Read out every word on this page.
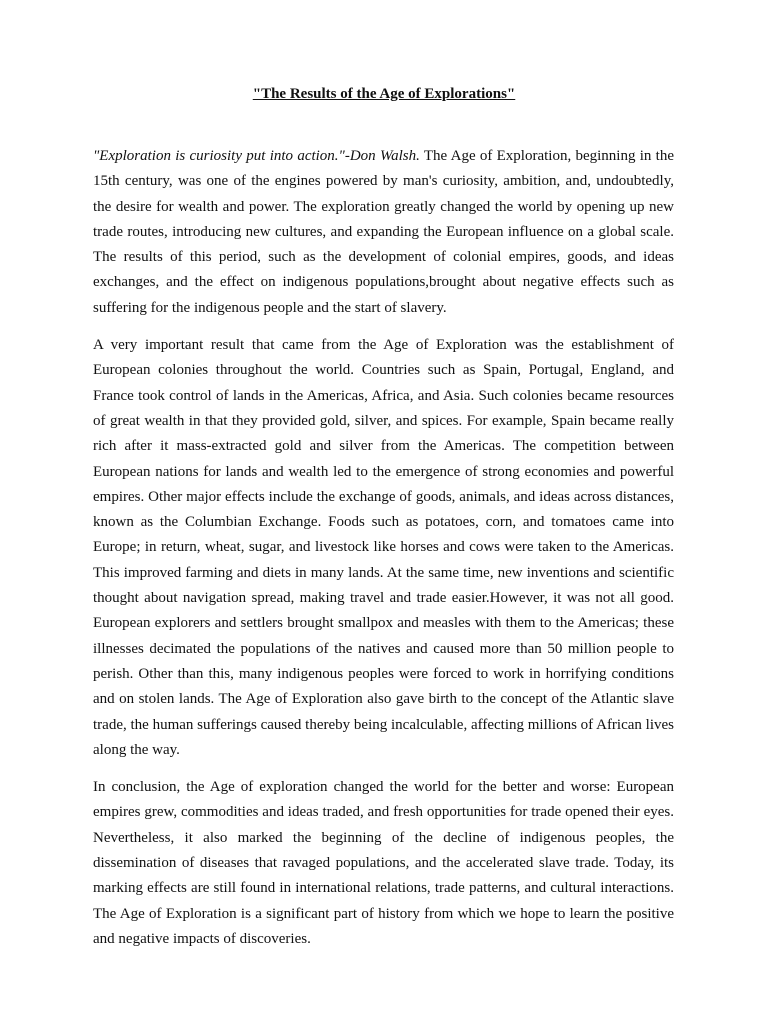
"The Results of the Age of Explorations"

"Exploration is curiosity put into action."-Don Walsh. The Age of Exploration, beginning in the 15th century, was one of the engines powered by man's curiosity, ambition, and, undoubtedly, the desire for wealth and power. The exploration greatly changed the world by opening up new trade routes, introducing new cultures, and expanding the European influence on a global scale. The results of this period, such as the development of colonial empires, goods, and ideas exchanges, and the effect on indigenous populations,brought about negative effects such as suffering for the indigenous people and the start of slavery.

A very important result that came from the Age of Exploration was the establishment of European colonies throughout the world. Countries such as Spain, Portugal, England, and France took control of lands in the Americas, Africa, and Asia. Such colonies became resources of great wealth in that they provided gold, silver, and spices. For example, Spain became really rich after it mass-extracted gold and silver from the Americas. The competition between European nations for lands and wealth led to the emergence of strong economies and powerful empires. Other major effects include the exchange of goods, animals, and ideas across distances, known as the Columbian Exchange. Foods such as potatoes, corn, and tomatoes came into Europe; in return, wheat, sugar, and livestock like horses and cows were taken to the Americas. This improved farming and diets in many lands. At the same time, new inventions and scientific thought about navigation spread, making travel and trade easier.However, it was not all good. European explorers and settlers brought smallpox and measles with them to the Americas; these illnesses decimated the populations of the natives and caused more than 50 million people to perish. Other than this, many indigenous peoples were forced to work in horrifying conditions and on stolen lands. The Age of Exploration also gave birth to the concept of the Atlantic slave trade, the human sufferings caused thereby being incalculable, affecting millions of African lives along the way.

In conclusion, the Age of exploration changed the world for the better and worse: European empires grew, commodities and ideas traded, and fresh opportunities for trade opened their eyes. Nevertheless, it also marked the beginning of the decline of indigenous peoples, the dissemination of diseases that ravaged populations, and the accelerated slave trade. Today, its marking effects are still found in international relations, trade patterns, and cultural interactions. The Age of Exploration is a significant part of history from which we hope to learn the positive and negative impacts of discoveries.
